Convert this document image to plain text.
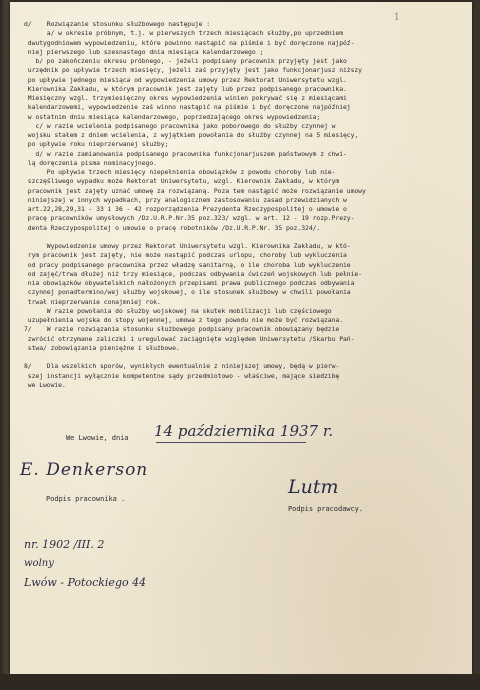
1
d/    Rozwiązanie stosunku służbowego następuje :
a/ w okresie próbnym, t.j. w pierwszych trzech miesiącach służby,po uprzedniem
dwutygodniowem wypowiedzeniu, które powinno nastąpić na piśmie i być doręczone najpóź-
niej pierwszego lub szesnastego dnia miesiąca kalendarzowego ;
b/ po zakończeniu okresu próbnego, - jeżeli podpisany pracownik przyjęty jest jako
urzędnik po upływie trzech miesięcy, jeżeli zaś przyjęty jest jako funkcjonarjusz niższy
po upływie jednego miesiąca od wypowiedzenia umowy przez Rektorat Uniwersytetu wzgl.
Kierownika Zakładu, w którym pracownik jest zajęty lub przez podpisanego pracownika.
Miesięczny wzgl. trzymiesięczny okres wypowiedzenia winien pokrywać się z miesiącami
kalendarzowemi, wypowiedzenie zaś winno nastąpić na piśmie i być doręczone najpóźniej
w ostatnim dniu miesiąca kalendarzowego, poprzedzającego okres wypowiedzenia;
c/ w razie wcielenia podpisanego pracownika jako poborowego do służby czynnej w
wojsku stałem z dniem wcielenia, z wyjątkiem powołania do służby czynnej na 5 miesięcy,
po upływie roku nieprzerwanej służby;
d/ w razie zamianowania podpisanego pracownika funkcjonarjuszem państwowym z chwi-
lą doręczenia pisma nominacyjnego.
Po upływie trzech miesięcy niepełnienia obowiązków z powodu choroby lub nie-
szczęśliwego wypadku może Rektorat Uniwersytetu, wzgl. Kierownik Zakładu, w którym
pracownik jest zajęty uznać umowę za rozwiązaną. Poza tem nastąpić może rozwiązanie umowy
niniejszej w innych wypadkach, przy analogicznem zastosowaniu zasad przewidzianych w
art.22,28,29,31 - 33 i 36 - 42 rozporządzenia Prezydenta Rzeczypospolitej o umowie o
pracę pracowników umysłowych /Dz.U.R.P.Nr.35 poz.323/ wzgl. w art. 12 - 19 rozp.Prezy-
denta Rzeczypospolitej o umowie o pracę robotników /Dz.U.R.P.Nr. 35 poz.324/.
Wypowiedzenie umowy przez Rektorat Uniwersytetu wzgl. Kierownika Zakładu, w któ-
rym pracownik jest zajęty, nie może nastąpić podczas urlopu, choroby lub wykluczenia
od pracy podpisanego pracownika przez władzę sanitarną, o ile choroba lub wykluczenie
od zajęć/trwa dłużej niż trzy miesiące, podczas odbywania ćwiczeń wojskowych lub pełnie-
nia obowiązków obywatelskich nałożonych przepisami prawa publicznego podczas odbywania
czynnej ponadtermino/wej służby wojskowej, o ile stosunek służbowy w chwili powołania
trwał nieprzerwanie conajmniej rok.
W razie powołania do służby wojskowej na skutek mobilizacji lub częściowego
uzupełnienia wojska do stopy wojennej, umowa z tego powodu nie może być rozwiązana.
7/    W razie rozwiązania stosunku służbowego podpisany pracownik obowiązany będzie
zwrócić otrzymane zaliczki i uregulować zaciągnięte względem Uniwersytetu /Skarbu Pań-
stwa/ zobowiązania pieniężne i służbowe.
8/    Dla wszelkich sporów, wynikłych ewentualnie z niniejszej umowy, będą w pierw-
szej instancji wyłącznie kompetentne sądy przedmiotowo - właściwe, mające siedzibę
we Lwowie.
We Lwowie, dnia 14 października 1937 r.
E. Denkerson
Podpis pracownika .
Lutm
Podpis pracodawcy.
nr. 1902 /III. 2
wolny
Lwów - Potockiego 44
